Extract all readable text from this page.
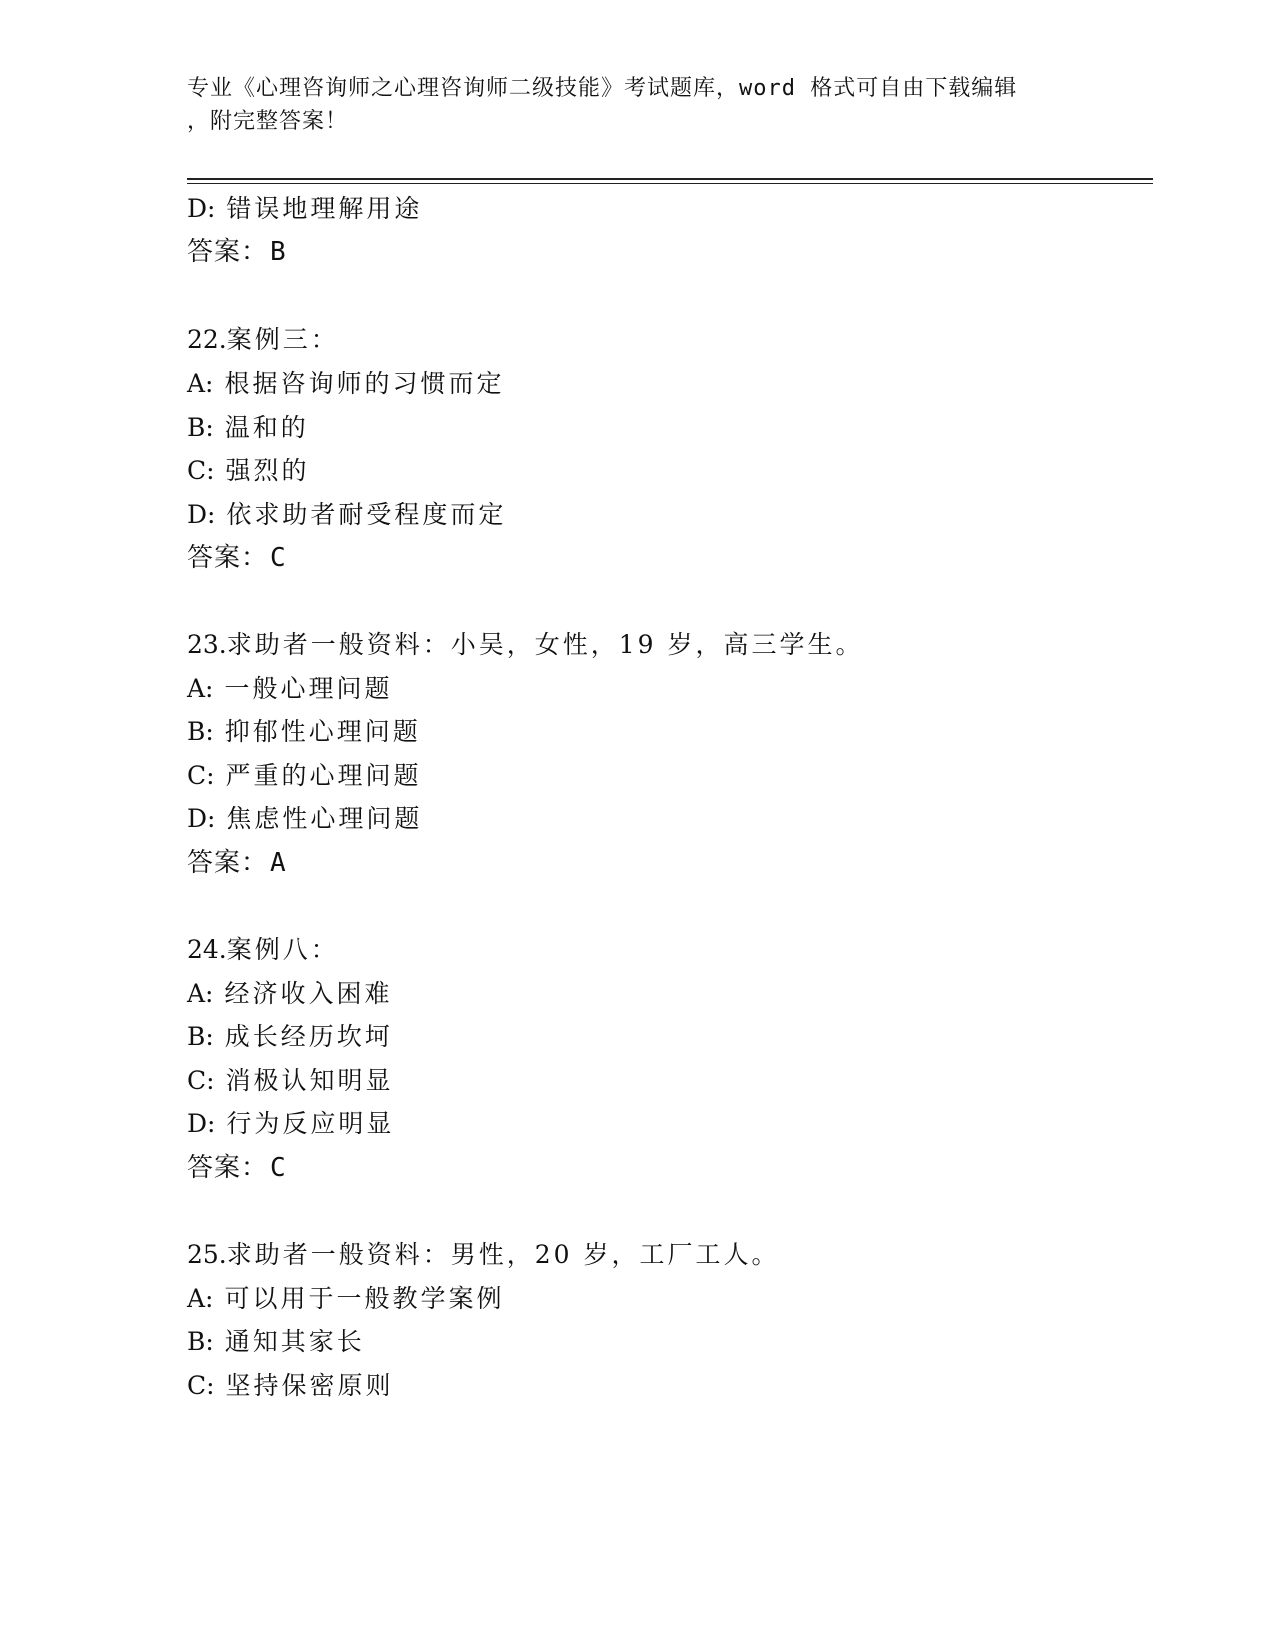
专业《心理咨询师之心理咨询师二级技能》考试题库，word 格式可自由下载编辑
，附完整答案！
D: 错误地理解用途
答案：B
22.案例三：
A: 根据咨询师的习惯而定
B: 温和的
C: 强烈的
D: 依求助者耐受程度而定
答案：C
23.求助者一般资料：小吴，女性，19 岁，高三学生。
A: 一般心理问题
B: 抑郁性心理问题
C: 严重的心理问题
D: 焦虑性心理问题
答案：A
24.案例八：
A: 经济收入困难
B: 成长经历坎坷
C: 消极认知明显
D: 行为反应明显
答案：C
25.求助者一般资料：男性，20 岁，工厂工人。
A: 可以用于一般教学案例
B: 通知其家长
C: 坚持保密原则
